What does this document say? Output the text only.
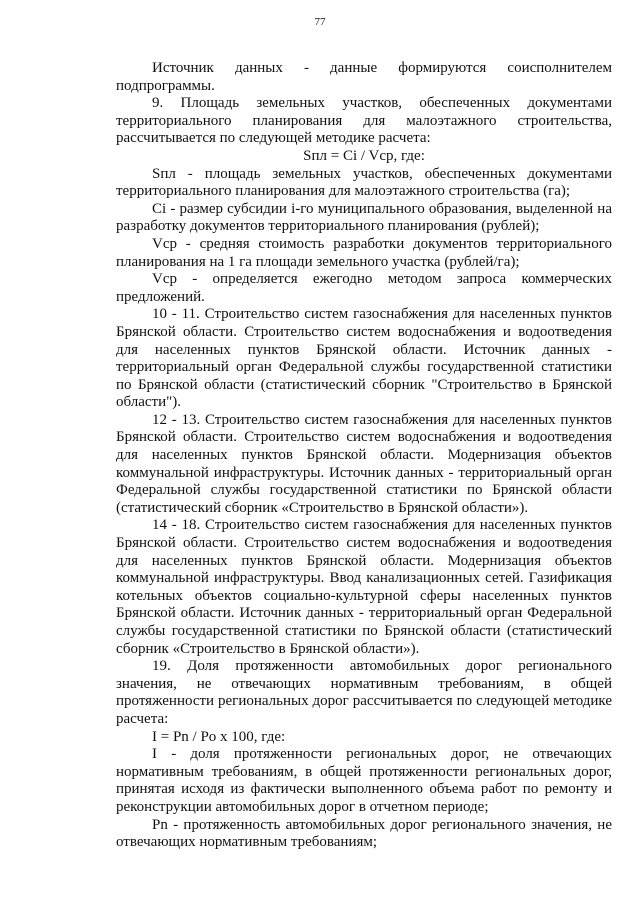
77

Источник данных - данные формируются соисполнителем подпрограммы.

9. Площадь земельных участков, обеспеченных документами территориального планирования для малоэтажного строительства, рассчитывается по следующей методике расчета:

Sпл = Ci / Vср, где:

Sпл - площадь земельных участков, обеспеченных документами территориального планирования для малоэтажного строительства (га);

Ci - размер субсидии i-го муниципального образования, выделенной на разработку документов территориального планирования (рублей);

Vср - средняя стоимость разработки документов территориального планирования на 1 га площади земельного участка (рублей/га);

Vср - определяется ежегодно методом запроса коммерческих предложений.

10 - 11. Строительство систем газоснабжения для населенных пунктов Брянской области. Строительство систем водоснабжения и водоотведения для населенных пунктов Брянской области. Источник данных - территориальный орган Федеральной службы государственной статистики по Брянской области (статистический сборник "Строительство в Брянской области").

12 - 13. Строительство систем газоснабжения для населенных пунктов Брянской области. Строительство систем водоснабжения и водоотведения для населенных пунктов Брянской области. Модернизация объектов коммунальной инфраструктуры. Источник данных - территориальный орган Федеральной службы государственной статистики по Брянской области (статистический сборник «Строительство в Брянской области»).

14 - 18. Строительство систем газоснабжения для населенных пунктов Брянской области. Строительство систем водоснабжения и водоотведения для населенных пунктов Брянской области. Модернизация объектов коммунальной инфраструктуры. Ввод канализационных сетей. Газификация котельных объектов социально-культурной сферы населенных пунктов Брянской области. Источник данных - территориальный орган Федеральной службы государственной статистики по Брянской области (статистический сборник «Строительство в Брянской области»).

19. Доля протяженности автомобильных дорог регионального значения, не отвечающих нормативным требованиям, в общей протяженности региональных дорог рассчитывается по следующей методике расчета:

I = Pn / Po x 100, где:

I - доля протяженности региональных дорог, не отвечающих нормативным требованиям, в общей протяженности региональных дорог, принятая исходя из фактически выполненного объема работ по ремонту и реконструкции автомобильных дорог в отчетном периоде;

Pn - протяженность автомобильных дорог регионального значения, не отвечающих нормативным требованиям;
